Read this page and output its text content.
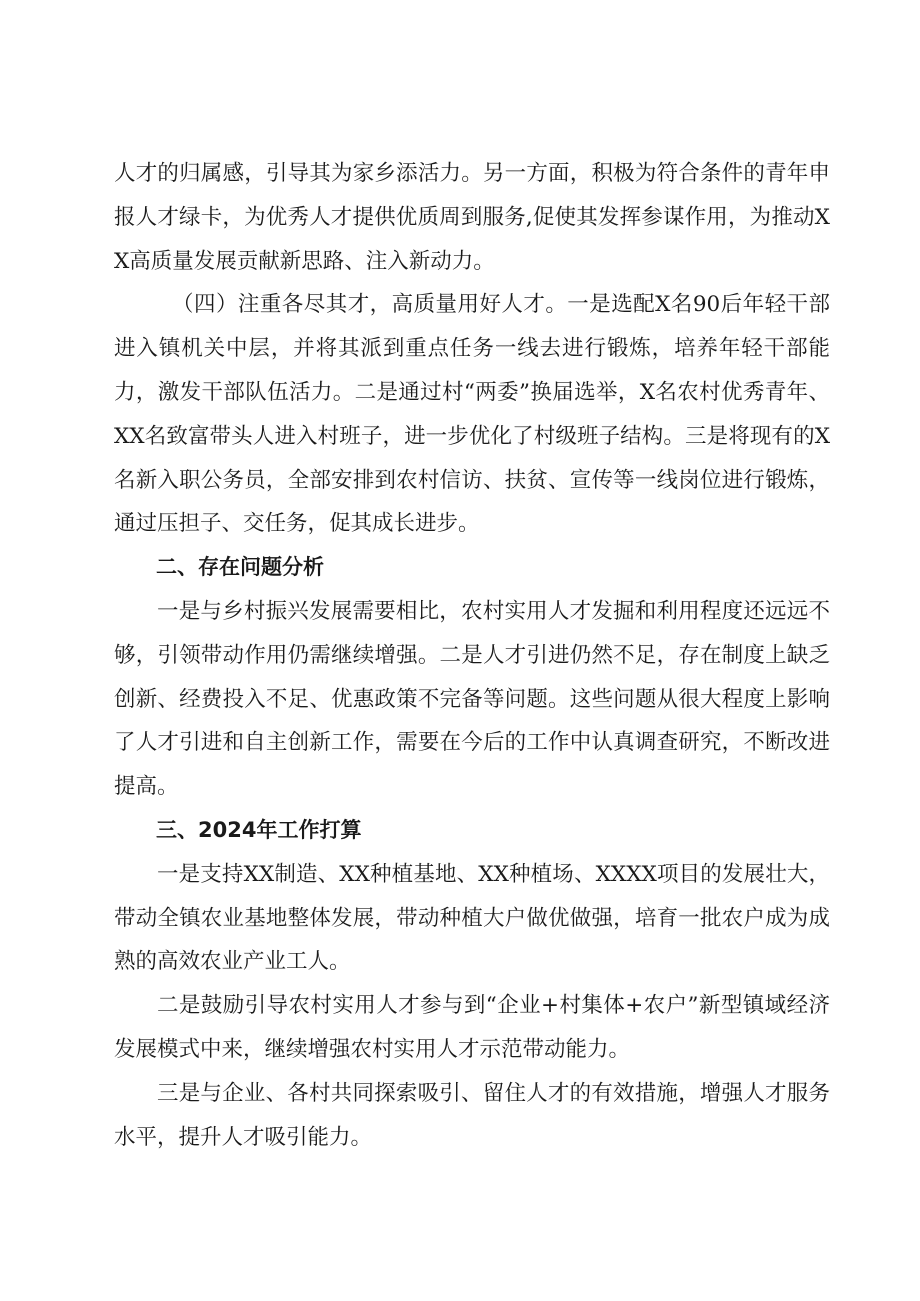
人才的归属感，引导其为家乡添活力。另一方面，积极为符合条件的青年申报人才绿卡，为优秀人才提供优质周到服务,促使其发挥参谋作用，为推动XX高质量发展贡献新思路、注入新动力。

（四）注重各尽其才，高质量用好人才。一是选配X名90后年轻干部进入镇机关中层，并将其派到重点任务一线去进行锻炼，培养年轻干部能力，激发干部队伍活力。二是通过村“两委”换届选举，X名农村优秀青年、XX名致富带头人进入村班子，进一步优化了村级班子结构。三是将现有的X名新入职公务员，全部安排到农村信访、扶贫、宣传等一线岗位进行锻炼，通过压担子、交任务，促其成长进步。

二、存在问题分析

一是与乡村振兴发展需要相比，农村实用人才发掘和利用程度还远远不够，引领带动作用仍需继续增强。二是人才引进仍然不足，存在制度上缺乏创新、经费投入不足、优惠政策不完备等问题。这些问题从很大程度上影响了人才引进和自主创新工作，需要在今后的工作中认真调查研究，不断改进提高。

三、2024年工作打算

一是支持XX制造、XX种植基地、XX种植场、XXXX项目的发展壮大，带动全镇农业基地整体发展，带动种植大户做优做强，培育一批农户成为成熟的高效农业产业工人。

二是鼓励引导农村实用人才参与到“企业+村集体+农户”新型镇域经济发展模式中来，继续增强农村实用人才示范带动能力。

三是与企业、各村共同探索吸引、留住人才的有效措施，增强人才服务水平，提升人才吸引能力。
